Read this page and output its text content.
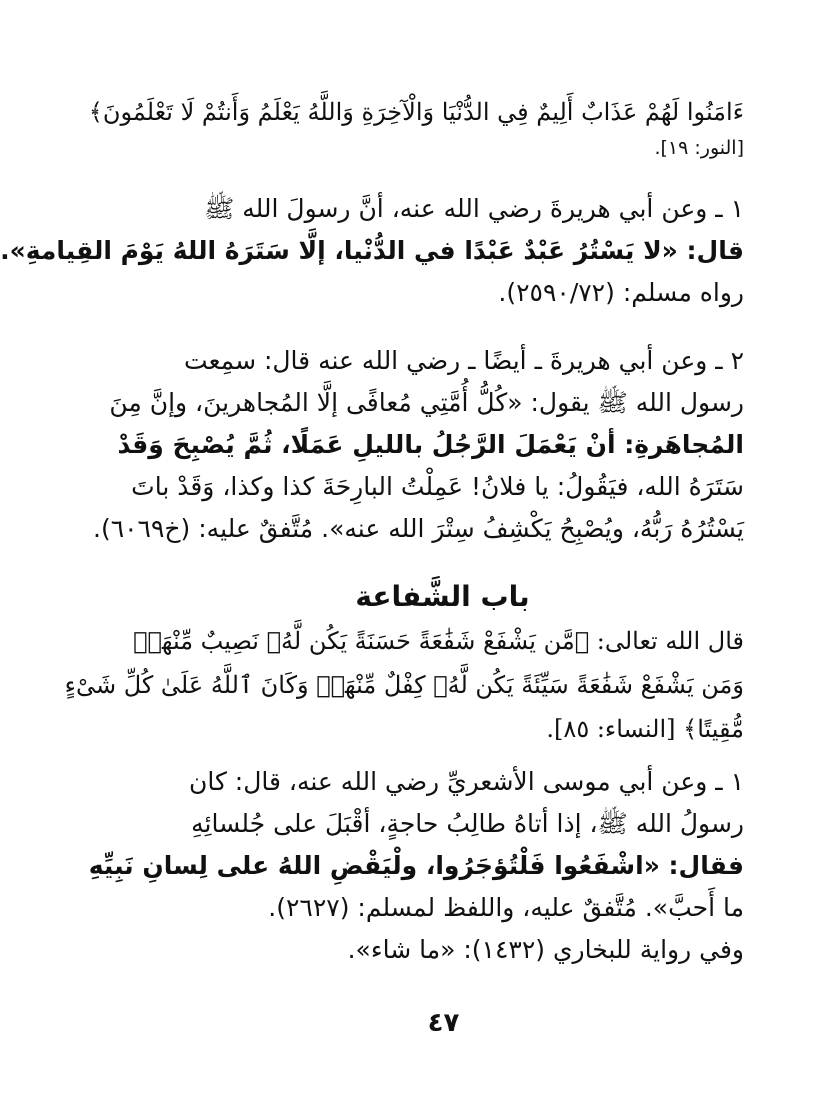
ءَامَنُوا لَهُمْ عَذَابٌ أَلِيمٌ فِي الدُّنْيَا وَالْآخِرَةِ وَاللَّهُ يَعْلَمُ وَأَنتُمْ لَا تَعْلَمُونَ﴾
[النور: ١٩].
١ ـ وعن أبي هريرةَ رضي الله عنه، أنَّ رسولَ الله ﷺ
قال: «لا يَسْتُرُ عَبْدٌ عَبْدًا في الدُّنْيا، إلَّا سَتَرَهُ اللهُ يَوْمَ القِيامةِ».
رواه مسلم: (٢٥٩٠/٧٢).
٢ ـ وعن أبي هريرةَ ـ أيضًا ـ رضي الله عنه قال: سمِعت
رسول الله ﷺ يقول: «كُلُّ أُمَّتِي مُعافًى إلَّا المُجاهرينَ، وإنَّ مِنَ
المُجاهَرةِ: أنْ يَعْمَلَ الرَّجُلُ بالليلِ عَمَلًا، ثُمَّ يُصْبِحَ وَقَدْ
سَتَرَهُ الله، فيَقُولُ: يا فلانُ! عَمِلْتُ البارِحَةَ كذا وكذا، وَقَدْ باتَ
يَسْتُرُهُ رَبُّهُ، ويُصْبِحُ يَكْشِفُ سِتْرَ الله عنه». مُتَّفقٌ عليه: (خ٦٠٦٩).
باب الشَّفاعة
قال الله تعالى: ﴿مَّن يَشْفَعْ شَفَٰعَةً حَسَنَةً يَكُن لَّهُۥ نَصِيبٌ مِّنْهَاۖ
وَمَن يَشْفَعْ شَفَٰعَةً سَيِّئَةً يَكُن لَّهُۥ كِفْلٌ مِّنْهَاۗ وَكَانَ ٱللَّهُ عَلَىٰ كُلِّ شَىْءٍ
مُّقِيتًا﴾ [النساء: ٨٥].
١ ـ وعن أبي موسى الأشعريِّ رضي الله عنه، قال: كان
رسولُ الله ﷺ، إذا أتاهُ طالِبُ حاجةٍ، أقْبَلَ على جُلسائِهِ
فقال: «اشْفَعُوا فَلْتُؤجَرُوا، ولْيَقْضِ اللهُ على لِسانِ نَبِيِّهِ
ما أَحبَّ». مُتَّفقٌ عليه، واللفظ لمسلم: (٢٦٢٧).
وفي رواية للبخاري (١٤٣٢): «ما شاء».
٤٧
